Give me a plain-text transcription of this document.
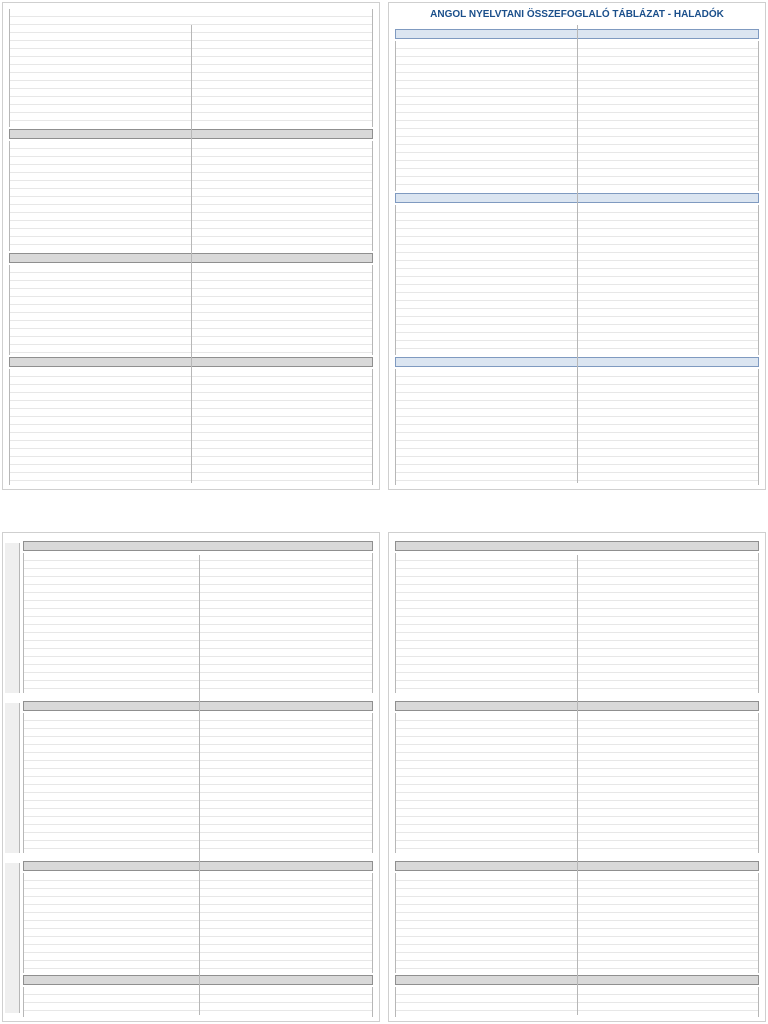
ANGOL NYELVTANI ÖSSZEFOGLALÓ TÁBLÁZAT - HALADÓK
